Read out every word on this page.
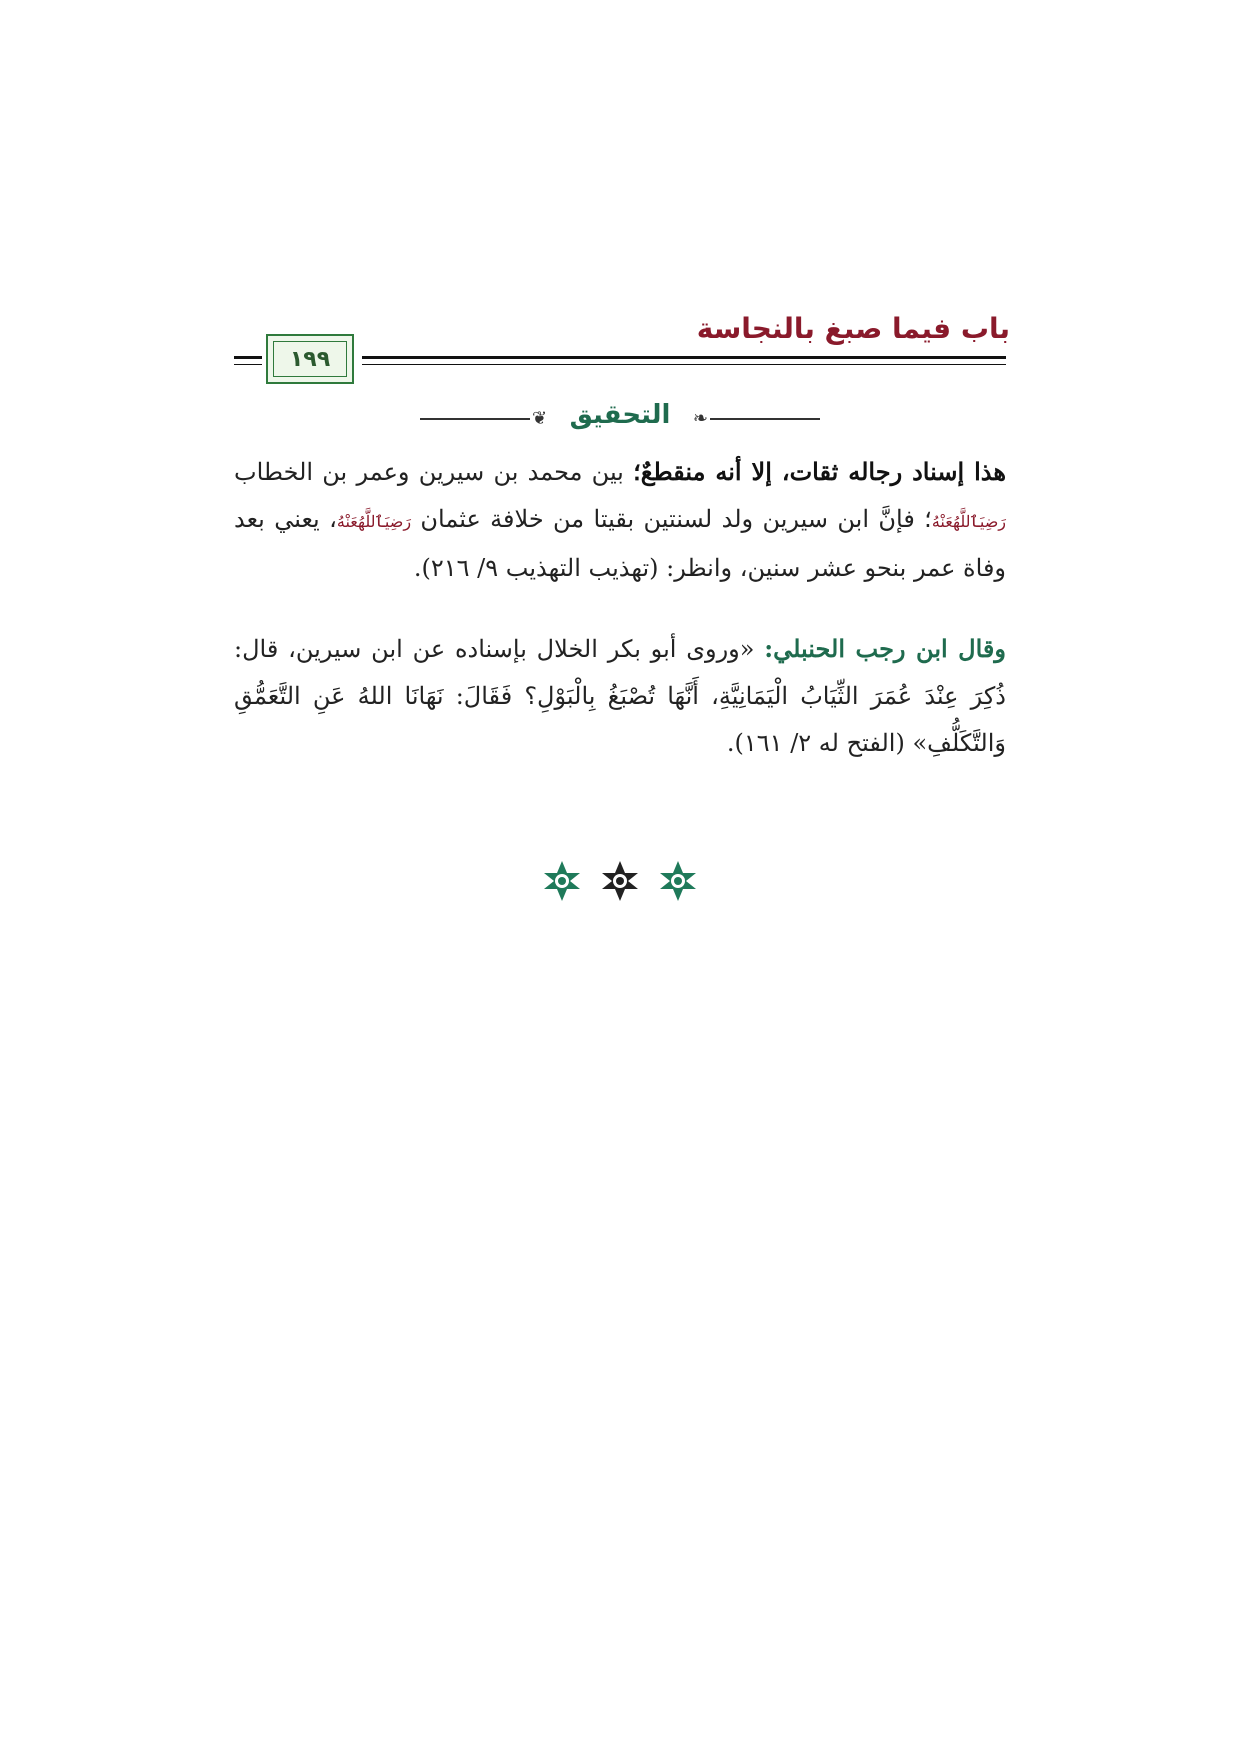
باب فيما صبغ بالنجاسة
١٩٩
❦	❧
التحقيق
هذا إسناد رجاله ثقات، إلا أنه منقطعٌ؛ بين محمد بن سيرين وعمر بن الخطاب رَضِيَٱللَّهُعَنْهُ؛ فإنَّ ابن سيرين ولد لسنتين بقيتا من خلافة عثمان رَضِيَٱللَّهُعَنْهُ، يعني بعد وفاة عمر بنحو عشر سنين، وانظر: (تهذيب التهذيب ٩/ ٢١٦).
وقال ابن رجب الحنبلي: «وروى أبو بكر الخلال بإسناده عن ابن سيرين، قال: ذُكِرَ عِنْدَ عُمَرَ الثِّيَابُ الْيَمَانِيَّةِ، أَنَّهَا تُصْبَغُ بِالْبَوْلِ؟ فَقَالَ: نَهَانَا اللهُ عَنِ التَّعَمُّقِ وَالتَّكَلُّفِ» (الفتح له ٢/ ١٦١).
